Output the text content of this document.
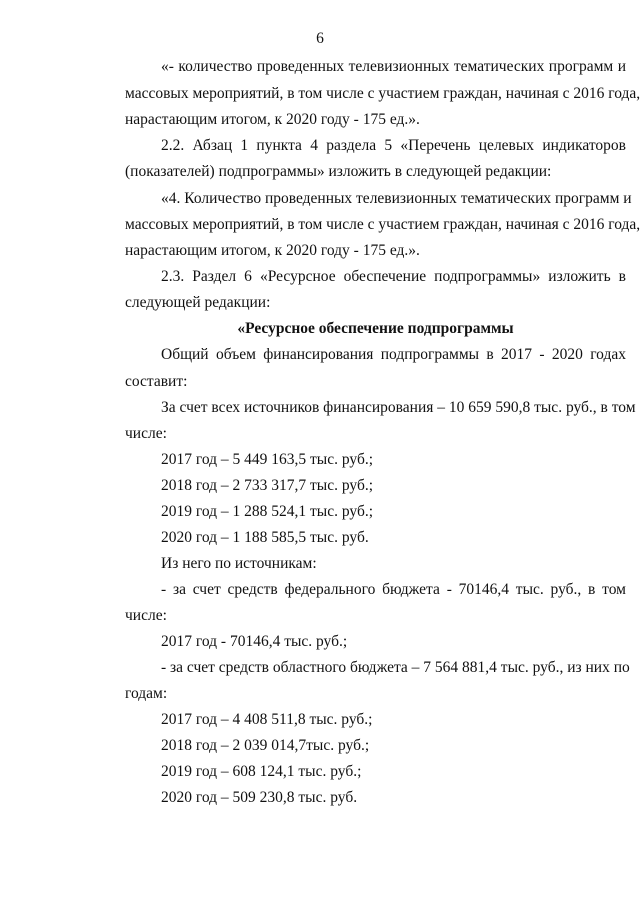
6
«- количество проведенных телевизионных тематических программ и
массовых мероприятий, в том числе с участием граждан, начиная с 2016 года,
нарастающим итогом, к 2020 году - 175 ед.».
2.2. Абзац 1 пункта 4 раздела 5 «Перечень целевых индикаторов
(показателей) подпрограммы» изложить в следующей редакции:
«4. Количество проведенных телевизионных тематических программ и
массовых мероприятий, в том числе с участием граждан, начиная с 2016 года,
нарастающим итогом, к 2020 году - 175 ед.».
2.3. Раздел 6 «Ресурсное обеспечение подпрограммы» изложить в
следующей редакции:
«Ресурсное обеспечение подпрограммы
Общий объем финансирования подпрограммы в 2017 - 2020 годах
составит:
За счет всех источников финансирования – 10 659 590,8 тыс. руб., в том
числе:
2017 год – 5 449 163,5 тыс. руб.;
2018 год – 2 733 317,7 тыс. руб.;
2019 год – 1 288 524,1 тыс. руб.;
2020 год – 1 188 585,5 тыс. руб.
Из него по источникам:
- за счет средств федерального бюджета - 70146,4 тыс. руб., в том
числе:
2017 год - 70146,4 тыс. руб.;
- за счет средств областного бюджета – 7 564 881,4 тыс. руб., из них по
годам:
2017 год – 4 408 511,8 тыс. руб.;
2018 год – 2 039 014,7тыс. руб.;
2019 год – 608 124,1 тыс. руб.;
2020 год – 509 230,8 тыс. руб.
